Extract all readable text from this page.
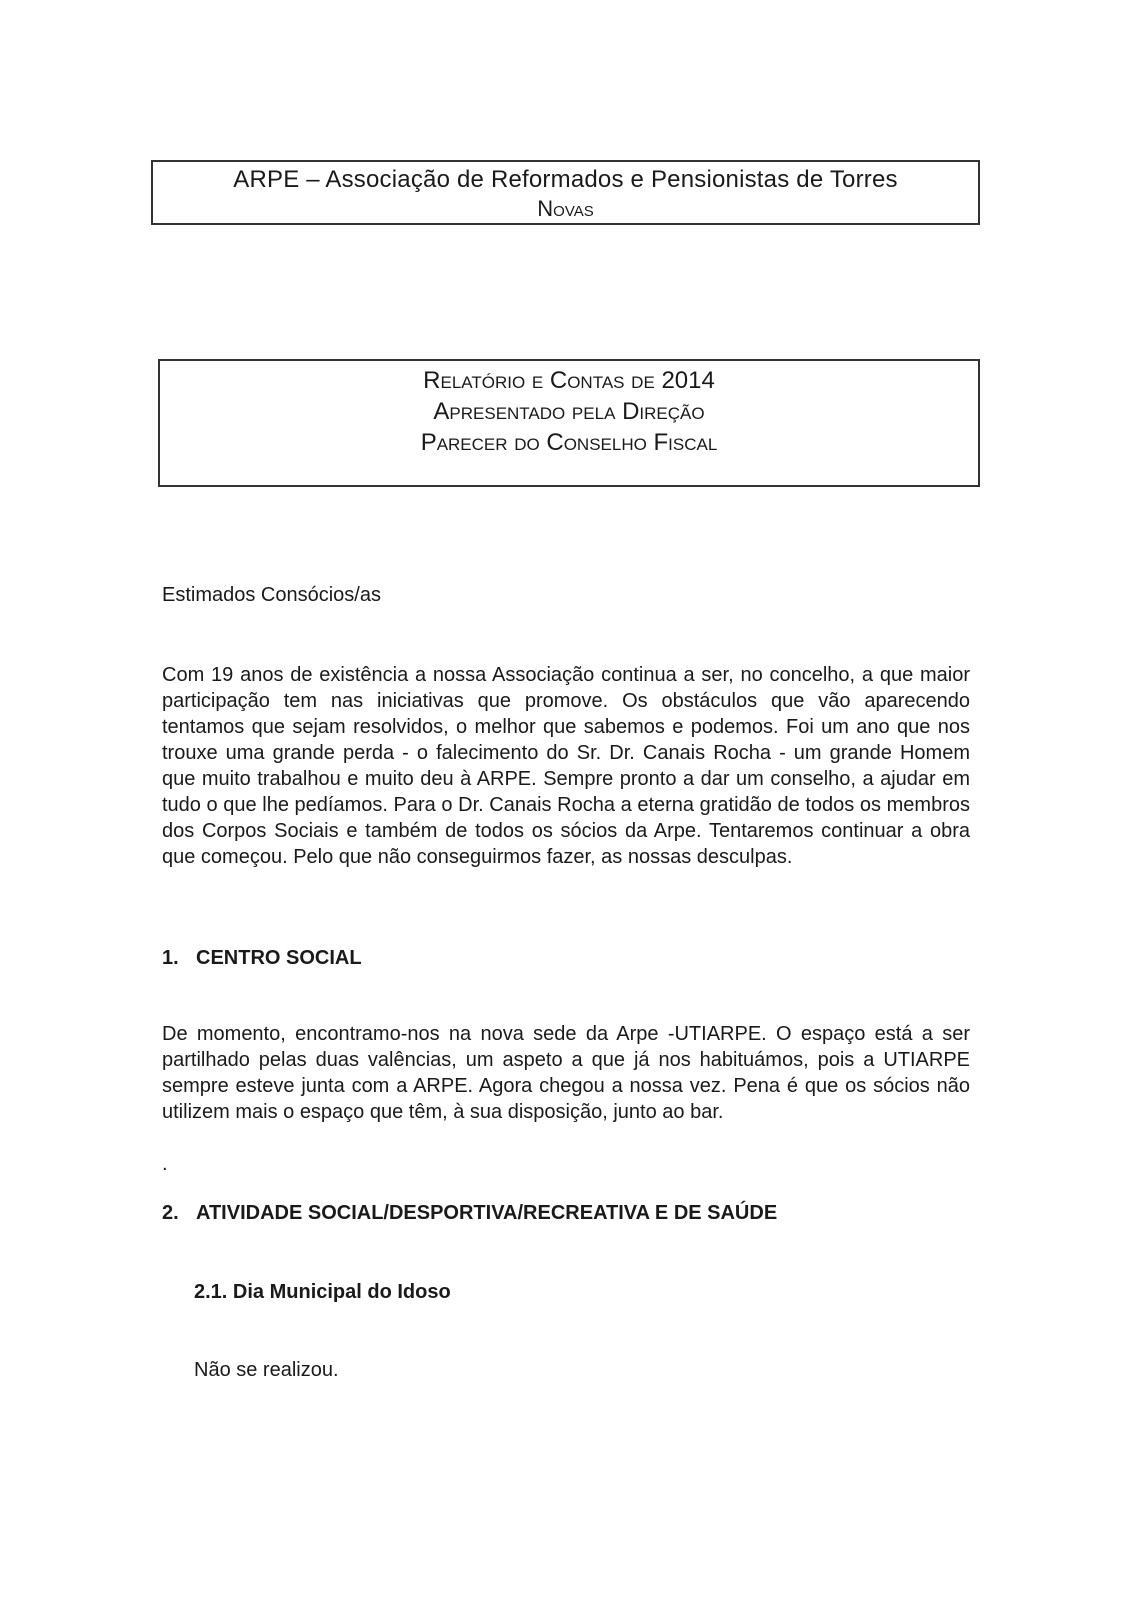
ARPE – Associação de Reformados e Pensionistas de Torres
Novas
Relatório e Contas de 2014
Apresentado pela Direção
Parecer do Conselho Fiscal
Estimados Consócios/as
Com 19 anos de existência a nossa Associação continua a ser, no concelho, a que maior participação tem nas iniciativas que promove. Os obstáculos que vão aparecendo tentamos que sejam resolvidos, o melhor que sabemos e podemos. Foi um ano que nos trouxe uma grande perda - o falecimento do Sr. Dr. Canais Rocha - um grande Homem que muito trabalhou e muito deu à ARPE. Sempre pronto a dar um conselho, a ajudar em tudo o que lhe pedíamos. Para o Dr. Canais Rocha a eterna gratidão de todos os membros dos Corpos Sociais e também de todos os sócios da Arpe. Tentaremos continuar a obra que começou. Pelo que não conseguirmos fazer, as nossas desculpas.
1. CENTRO SOCIAL
De momento, encontramo-nos na nova sede da Arpe -UTIARPE. O espaço está a ser partilhado pelas duas valências, um aspeto a que já nos habituámos, pois a UTIARPE sempre esteve junta com a ARPE. Agora chegou a nossa vez. Pena é que os sócios não utilizem mais o espaço que têm, à sua disposição, junto ao bar.
.
2. ATIVIDADE SOCIAL/DESPORTIVA/RECREATIVA E DE SAÚDE
2.1. Dia Municipal do Idoso
Não se realizou.
